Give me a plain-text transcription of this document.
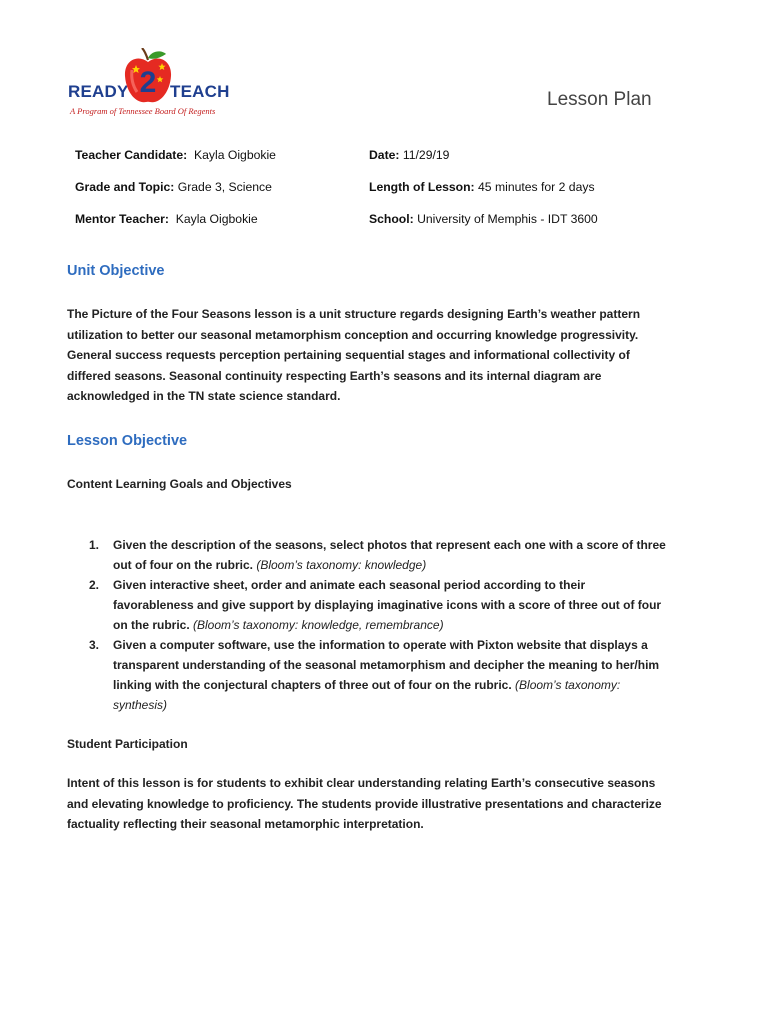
READY 2 TEACH
A Program of Tennessee Board Of Regents
Lesson Plan
Teacher Candidate: Kayla Oigbokie	Date: 11/29/19
Grade and Topic: Grade 3, Science	Length of Lesson: 45 minutes for 2 days
Mentor Teacher: Kayla Oigbokie	School: University of Memphis - IDT 3600
Unit Objective
The Picture of the Four Seasons lesson is a unit structure regards designing Earth’s weather pattern utilization to better our seasonal metamorphism conception and occurring knowledge progressivity. General success requests perception pertaining sequential stages and informational collectivity of differed seasons. Seasonal continuity respecting Earth’s seasons and its internal diagram are acknowledged in the TN state science standard.
Lesson Objective
Content Learning Goals and Objectives
1. Given the description of the seasons, select photos that represent each one with a score of three out of four on the rubric. (Bloom’s taxonomy: knowledge)
2. Given interactive sheet, order and animate each seasonal period according to their favorableness and give support by displaying imaginative icons with a score of three out of four on the rubric. (Bloom’s taxonomy: knowledge, remembrance)
3. Given a computer software, use the information to operate with Pixton website that displays a transparent understanding of the seasonal metamorphism and decipher the meaning to her/him linking with the conjectural chapters of three out of four on the rubric. (Bloom’s taxonomy: synthesis)
Student Participation
Intent of this lesson is for students to exhibit clear understanding relating Earth’s consecutive seasons and elevating knowledge to proficiency. The students provide illustrative presentations and characterize factuality reflecting their seasonal metamorphic interpretation.
